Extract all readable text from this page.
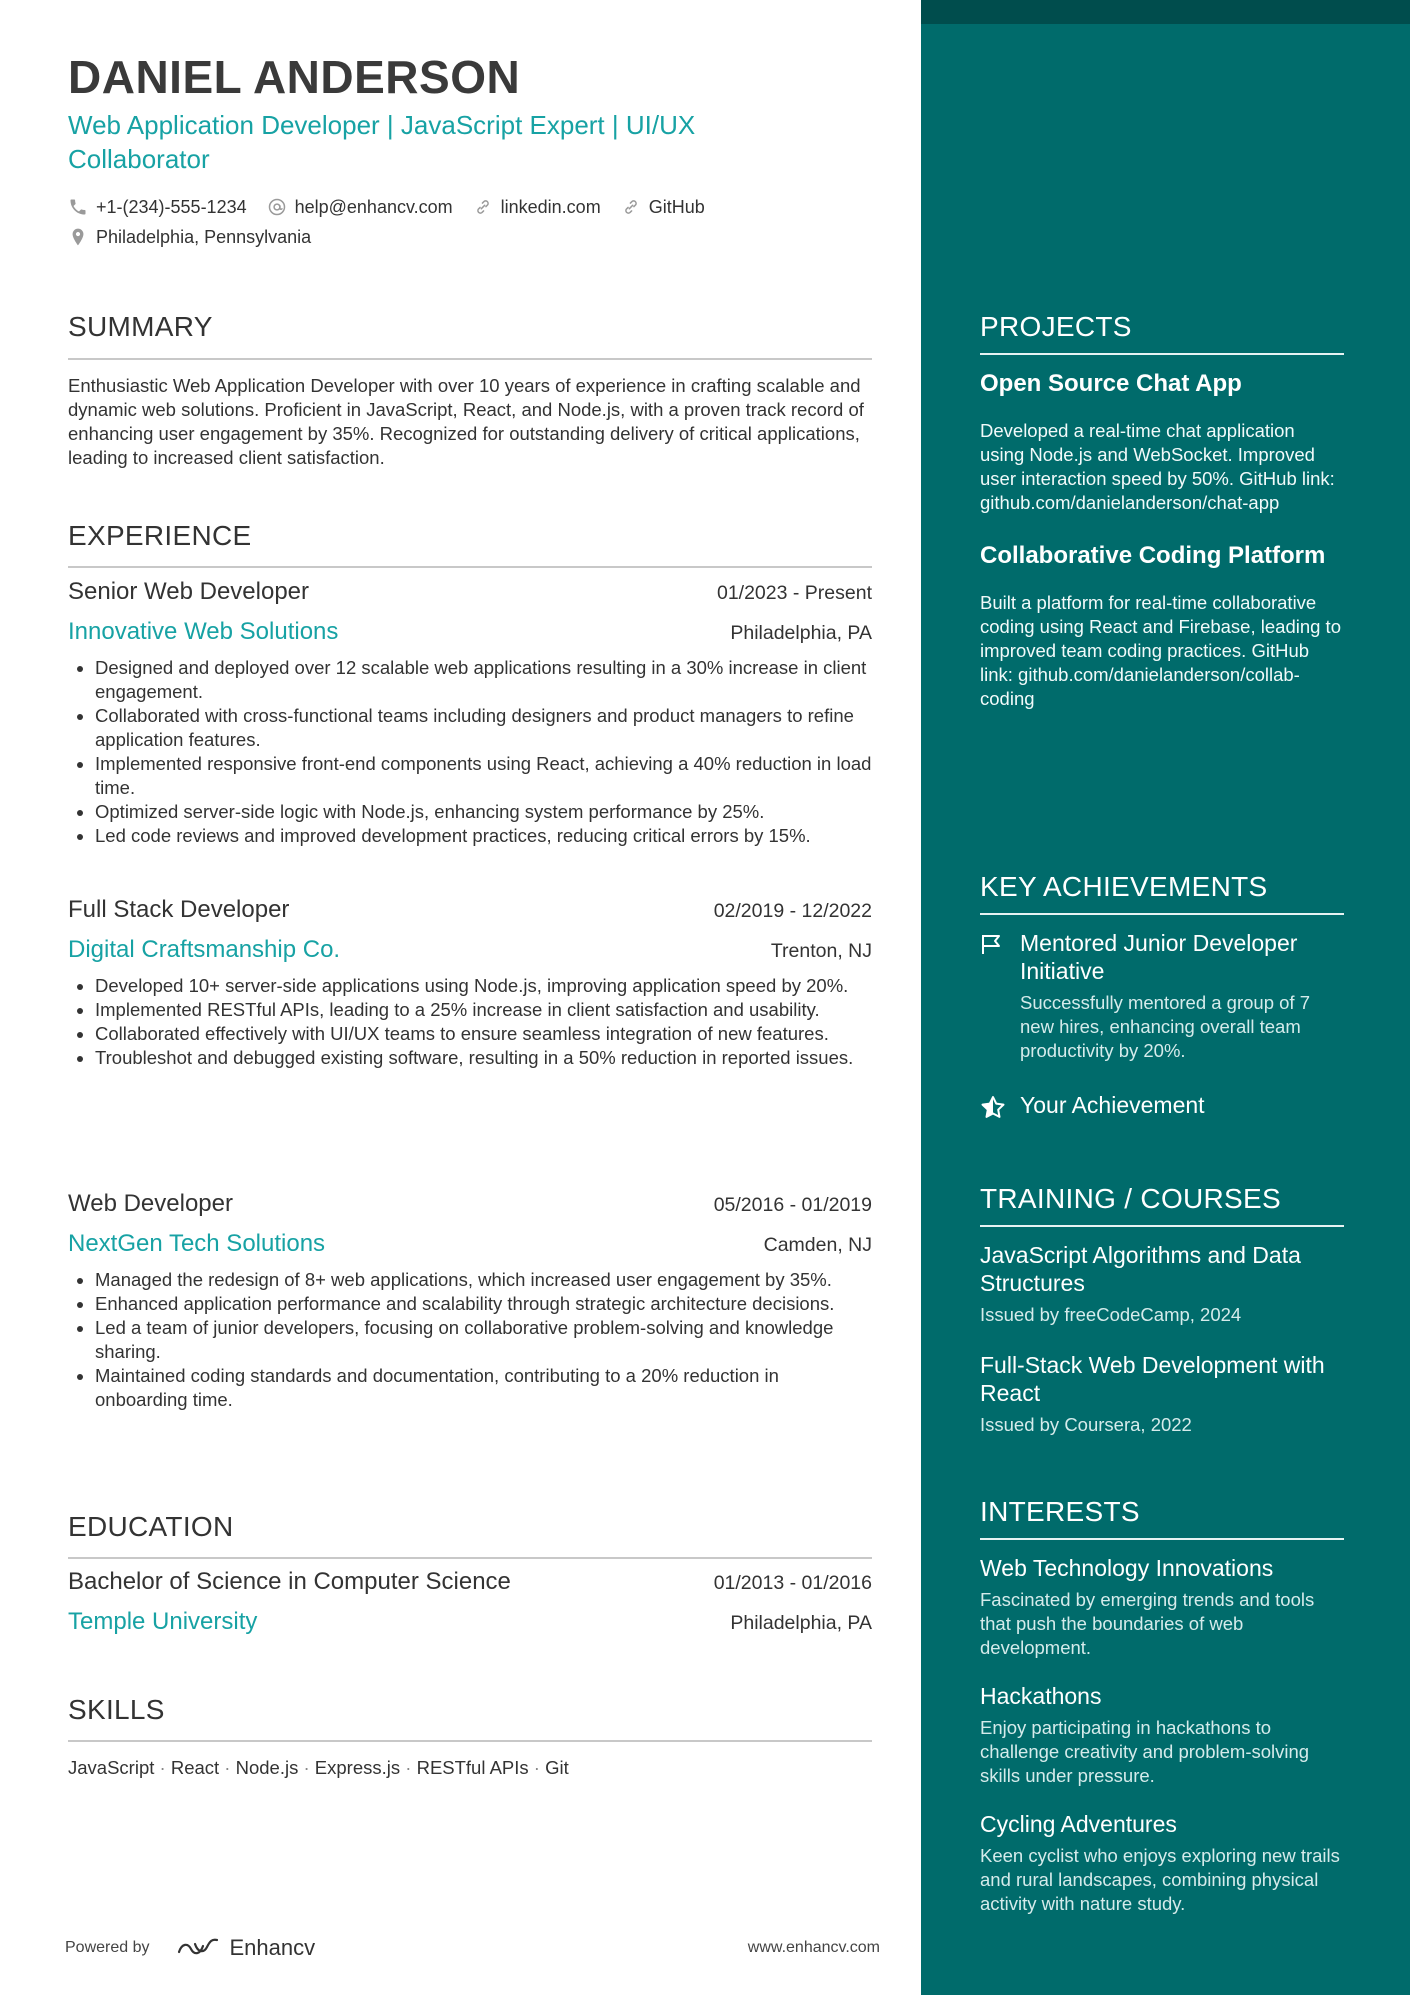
DANIEL ANDERSON

Web Application Developer | JavaScript Expert | UI/UX Collaborator

+1-(234)-555-1234	help@enhancv.com	linkedin.com	GitHub
Philadelphia, Pennsylvania
SUMMARY

Enthusiastic Web Application Developer with over 10 years of experience in crafting scalable and dynamic web solutions. Proficient in JavaScript, React, and Node.js, with a proven track record of enhancing user engagement by 35%. Recognized for outstanding delivery of critical applications, leading to increased client satisfaction.

EXPERIENCE
Senior Web Developer	01/2023 - Present
Innovative Web Solutions	Philadelphia, PA
Designed and deployed over 12 scalable web applications resulting in a 30% increase in client engagement.
Collaborated with cross-functional teams including designers and product managers to refine application features.
Implemented responsive front-end components using React, achieving a 40% reduction in load time.
Optimized server-side logic with Node.js, enhancing system performance by 25%.
Led code reviews and improved development practices, reducing critical errors by 15%.
Full Stack Developer	02/2019 - 12/2022
Digital Craftsmanship Co.	Trenton, NJ
Developed 10+ server-side applications using Node.js, improving application speed by 20%.
Implemented RESTful APIs, leading to a 25% increase in client satisfaction and usability.
Collaborated effectively with UI/UX teams to ensure seamless integration of new features.
Troubleshot and debugged existing software, resulting in a 50% reduction in reported issues.
Web Developer	05/2016 - 01/2019
NextGen Tech Solutions	Camden, NJ
Managed the redesign of 8+ web applications, which increased user engagement by 35%.
Enhanced application performance and scalability through strategic architecture decisions.
Led a team of junior developers, focusing on collaborative problem-solving and knowledge sharing.
Maintained coding standards and documentation, contributing to a 20% reduction in onboarding time.
EDUCATION
Bachelor of Science in Computer Science	01/2013 - 01/2016
Temple University	Philadelphia, PA
SKILLS
JavaScript · React · Node.js · Express.js · RESTful APIs · Git
Powered by	Enhancv	www.enhancv.com
PROJECTS

Open Source Chat App

Developed a real-time chat application using Node.js and WebSocket. Improved user interaction speed by 50%. GitHub link: github.com/danielanderson/chat-app

Collaborative Coding Platform

Built a platform for real-time collaborative coding using React and Firebase, leading to improved team coding practices. GitHub link: github.com/danielanderson/collab-coding

KEY ACHIEVEMENTS
Mentored Junior Developer Initiative
Successfully mentored a group of 7 new hires, enhancing overall team productivity by 20%.
Your Achievement
TRAINING / COURSES
JavaScript Algorithms and Data Structures
Issued by freeCodeCamp, 2024
Full-Stack Web Development with React
Issued by Coursera, 2022
INTERESTS
Web Technology Innovations
Fascinated by emerging trends and tools that push the boundaries of web development.
Hackathons
Enjoy participating in hackathons to challenge creativity and problem-solving skills under pressure.
Cycling Adventures
Keen cyclist who enjoys exploring new trails and rural landscapes, combining physical activity with nature study.
